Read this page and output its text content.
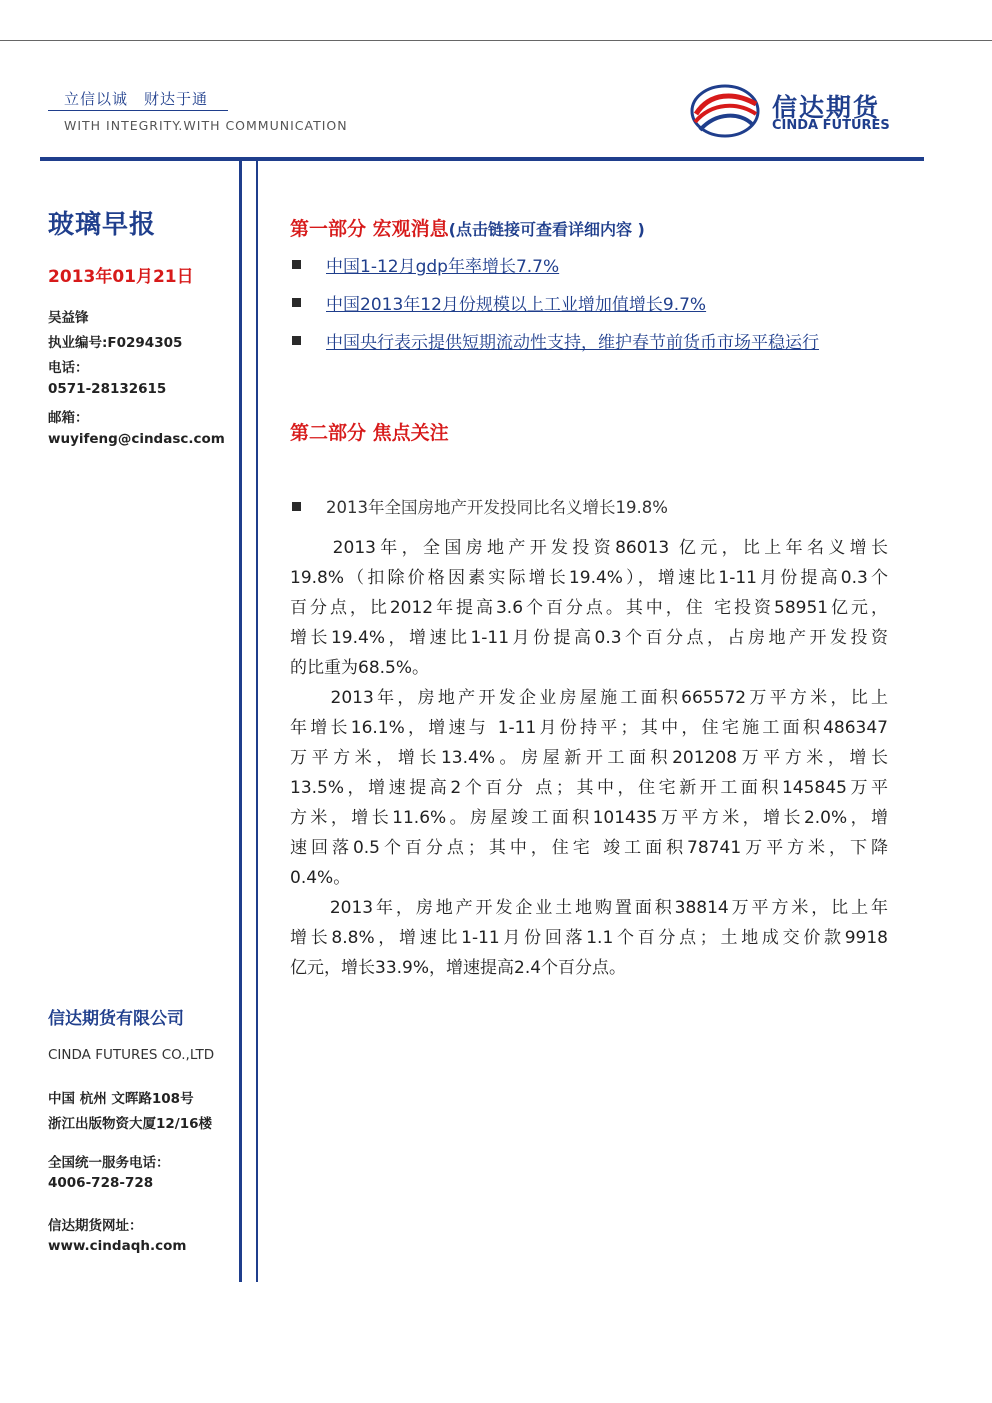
立信以诚　财达于通
WITH INTEGRITY.WITH COMMUNICATION
信达期货
CINDA FUTURES
玻璃早报
2013年01月21日
吴益锋
执业编号:F0294305
电话：
0571-28132615
邮箱：
wuyifeng@cindasc.com
信达期货有限公司
CINDA FUTURES CO.,LTD
中国 杭州 文晖路108号
浙江出版物资大厦12/16楼
全国统一服务电话：
4006-728-728
信达期货网址：
www.cindaqh.com
第一部分 宏观消息(点击链接可查看详细内容 )
中国1-12月gdp年率增长7.7%
中国2013年12月份规模以上工业增加值增长9.7%
中国央行表示提供短期流动性支持，维护春节前货币市场平稳运行
第二部分 焦点关注
2013年全国房地产开发投同比名义增长19.8%
　　2013年，全国房地产开发投资86013 亿元，比上年名义增长
19.8%（扣除价格因素实际增长19.4%），增速比1-11月份提高0.3个
百分点，比2012年提高3.6个百分点。其中，住 宅投资58951亿元，
增长19.4%，增速比1-11月份提高0.3个百分点，占房地产开发投资
的比重为68.5%。
　　2013年，房地产开发企业房屋施工面积665572万平方米，比上
年增长16.1%，增速与 1-11月份持平；其中，住宅施工面积486347
万平方米，增长13.4%。房屋新开工面积201208万平方米，增长
13.5%，增速提高2个百分 点；其中，住宅新开工面积145845万平
方米，增长11.6%。房屋竣工面积101435万平方米，增长2.0%，增
速回落0.5个百分点；其中，住宅 竣工面积78741万平方米，下降
0.4%。
　　2013年，房地产开发企业土地购置面积38814万平方米，比上年
增长8.8%，增速比1-11月份回落1.1个百分点；土地成交价款9918
亿元，增长33.9%，增速提高2.4个百分点。
